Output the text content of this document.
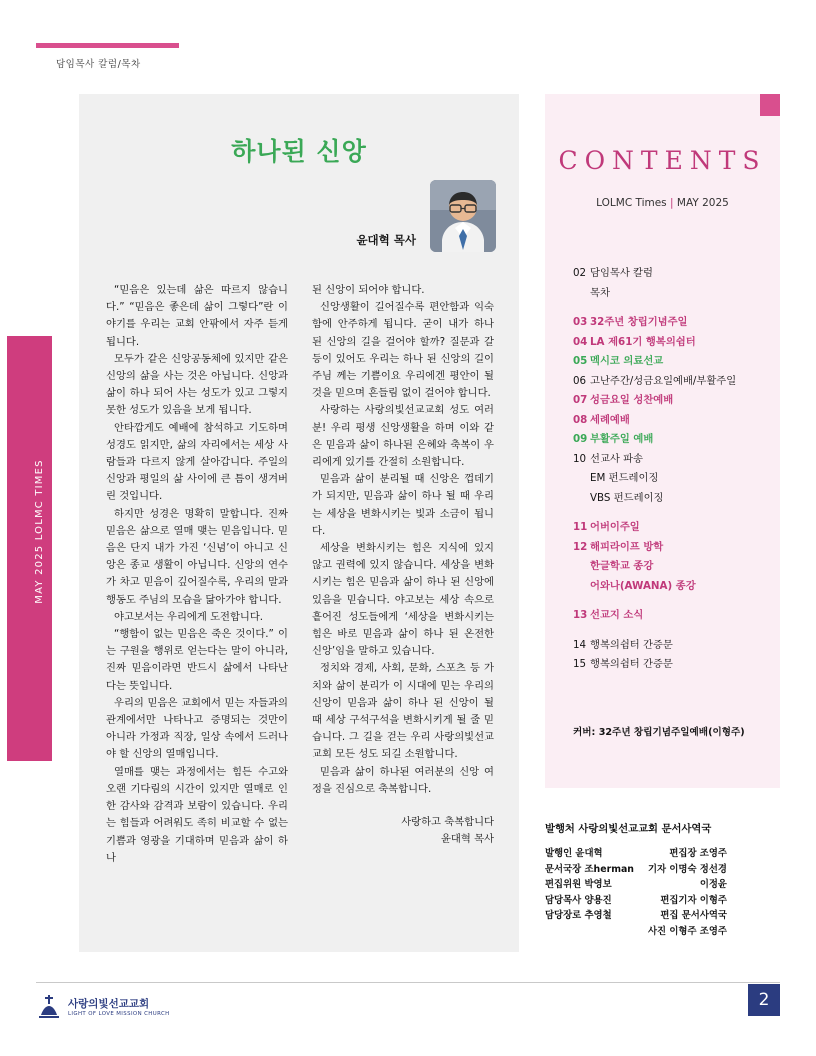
담임목사 칼럼/목차
MAY 2025 LOLMC TIMES
하나된 신앙
윤대혁 목사

“믿음은 있는데 삶은 따르지 않습니다.” “믿음은 좋은데 삶이 그렇다”란 이야기를 우리는 교회 안팎에서 자주 듣게 됩니다.

모두가 같은 신앙공동체에 있지만 같은 신앙의 삶을 사는 것은 아닙니다. 신앙과 삶이 하나 되어 사는 성도가 있고 그렇지 못한 성도가 있음을 보게 됩니다.

안타깝게도 예배에 참석하고 기도하며 성경도 읽지만, 삶의 자리에서는 세상 사람들과 다르지 않게 살아갑니다. 주일의 신앙과 평일의 삶 사이에 큰 틈이 생겨버린 것입니다.

하지만 성경은 명확히 말합니다. 진짜 믿음은 삶으로 열매 맺는 믿음입니다. 믿음은 단지 내가 가진 ‘신념’이 아니고 신앙은 종교 생활이 아닙니다. 신앙의 연수가 차고 믿음이 깊어질수록, 우리의 말과 행동도 주님의 모습을 닮아가야 합니다.

야고보서는 우리에게 도전합니다.

“행함이 없는 믿음은 죽은 것이다.” 이는 구원을 행위로 얻는다는 말이 아니라, 진짜 믿음이라면 반드시 삶에서 나타난다는 뜻입니다.

우리의 믿음은 교회에서 믿는 자들과의 관계에서만 나타나고 증명되는 것만이 아니라 가정과 직장, 일상 속에서 드러나야 할 신앙의 열매입니다.

열매를 맺는 과정에서는 힘든 수고와 오랜 기다림의 시간이 있지만 열매로 인한 감사와 감격과 보람이 있습니다. 우리는 힘들과 어려워도 족히 비교할 수 없는 기쁨과 영광을 기대하며 믿음과 삶이 하나

된 신앙이 되어야 합니다.

신앙생활이 길어질수록 편안함과 익숙함에 안주하게 됩니다. 굳이 내가 하나 된 신앙의 길을 걸어야 할까? 질문과 갈등이 있어도 우리는 하나 된 신앙의 길이 주님 께는 기쁨이요 우리에겐 평안이 될 것을 믿으며 흔들림 없이 걸어야 합니다.

사랑하는 사랑의빛선교교회 성도 여러분! 우리 평생 신앙생활을 하며 이와 같은 믿음과 삶이 하나된 은혜와 축복이 우리에게 있기를 간절히 소원합니다.

믿음과 삶이 분리될 때 신앙은 껍데기가 되지만, 믿음과 삶이 하나 될 때 우리는 세상을 변화시키는 빛과 소금이 됩니다.

세상을 변화시키는 힘은 지식에 있지 않고 권력에 있지 않습니다. 세상을 변화시키는 힘은 믿음과 삶이 하나 된 신앙에 있음을 믿습니다. 야고보는 세상 속으로 흩어진 성도들에게 ‘세상을 변화시키는 힘은 바로 믿음과 삶이 하나 된 온전한 신앙’임을 말하고 있습니다.

정치와 경제, 사회, 문화, 스포츠 등 가치와 삶이 분리가 이 시대에 믿는 우리의 신앙이 믿음과 삶이 하나 된 신앙이 될 때 세상 구석구석을 변화시키게 될 줄 믿습니다. 그 길을 걷는 우리 사랑의빛선교교회 모든 성도 되길 소원합니다.

믿음과 삶이 하나된 여러분의 신앙 여정을 진심으로 축복합니다.

사랑하고 축복합니다
윤대혁 목사
CONTENTS
LOLMC Times | MAY 2025
02 담임목사 칼럼
목차
03 32주년 창립기념주일
04 LA 제61기 행복의쉼터
05 멕시코 의료선교
06 고난주간/성금요일예배/부활주일
07 성금요일 성찬예배
08 세례예배
09 부활주일 예배
10 선교사 파송
EM 펀드레이징
VBS 펀드레이징
11 어버이주일
12 해피라이프 방학
한글학교 종강
어와나(AWANA) 종강
13 선교지 소식
14 행복의쉼터 간증문
15 행복의쉼터 간증문
커버: 32주년 창립기념주일예배(이형주)
발행처 사랑의빛선교교회 문서사역국
발행인 윤대혁
문서국장 조herman
편집위원 박영보
담당목사 양용진
담당장로 추영철
편집장 조영주
기자 이명숙 정선경
이정윤
편집기자 이형주
편집 문서사역국
사진 이형주 조영주
사랑의빛선교교회
LIGHT OF LOVE MISSION CHURCH
2
